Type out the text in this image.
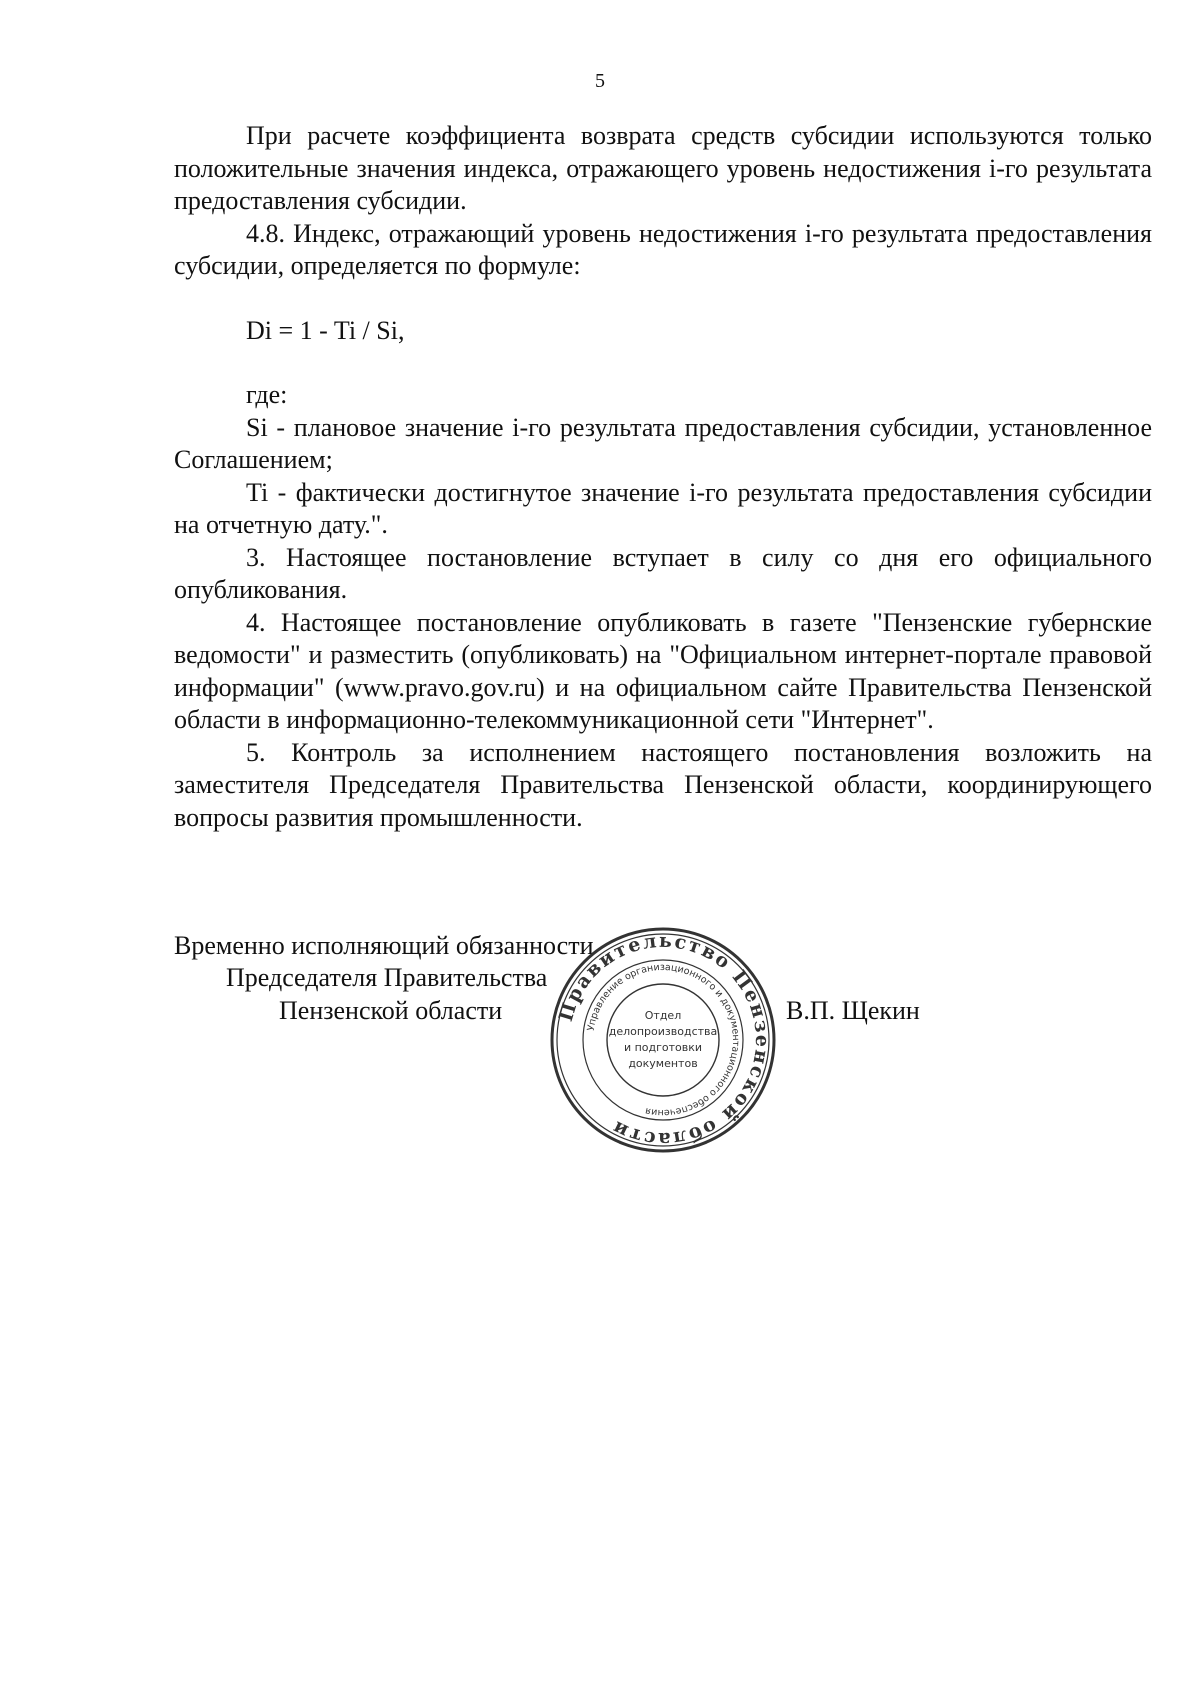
5

При расчете коэффициента возврата средств субсидии используются только положительные значения индекса, отражающего уровень недостижения i-го результата предоставления субсидии.

4.8. Индекс, отражающий уровень недостижения i-го результата предоставления субсидии, определяется по формуле:

Di = 1 - Ti / Si,

где:

Si - плановое значение i-го результата предоставления субсидии, установленное Соглашением;

Ti - фактически достигнутое значение i-го результата предоставления субсидии на отчетную дату.".

3. Настоящее постановление вступает в силу со дня его официального опубликования.

4. Настоящее постановление опубликовать в газете "Пензенские губернские ведомости" и разместить (опубликовать) на "Официальном интернет-портале правовой информации" (www.pravo.gov.ru) и на официальном сайте Правительства Пензенской области в информационно-телекоммуникационной сети "Интернет".

5. Контроль за исполнением настоящего постановления возложить на заместителя Председателя Правительства Пензенской области, координирующего вопросы развития промышленности.

Временно исполняющий обязанности
Председателя Правительства
Пензенской области	В.П. Щекин
Правительство Пензенской области
Управление организационного и документационного обеспечения
Отдел
делопроизводства
и подготовки
документов
